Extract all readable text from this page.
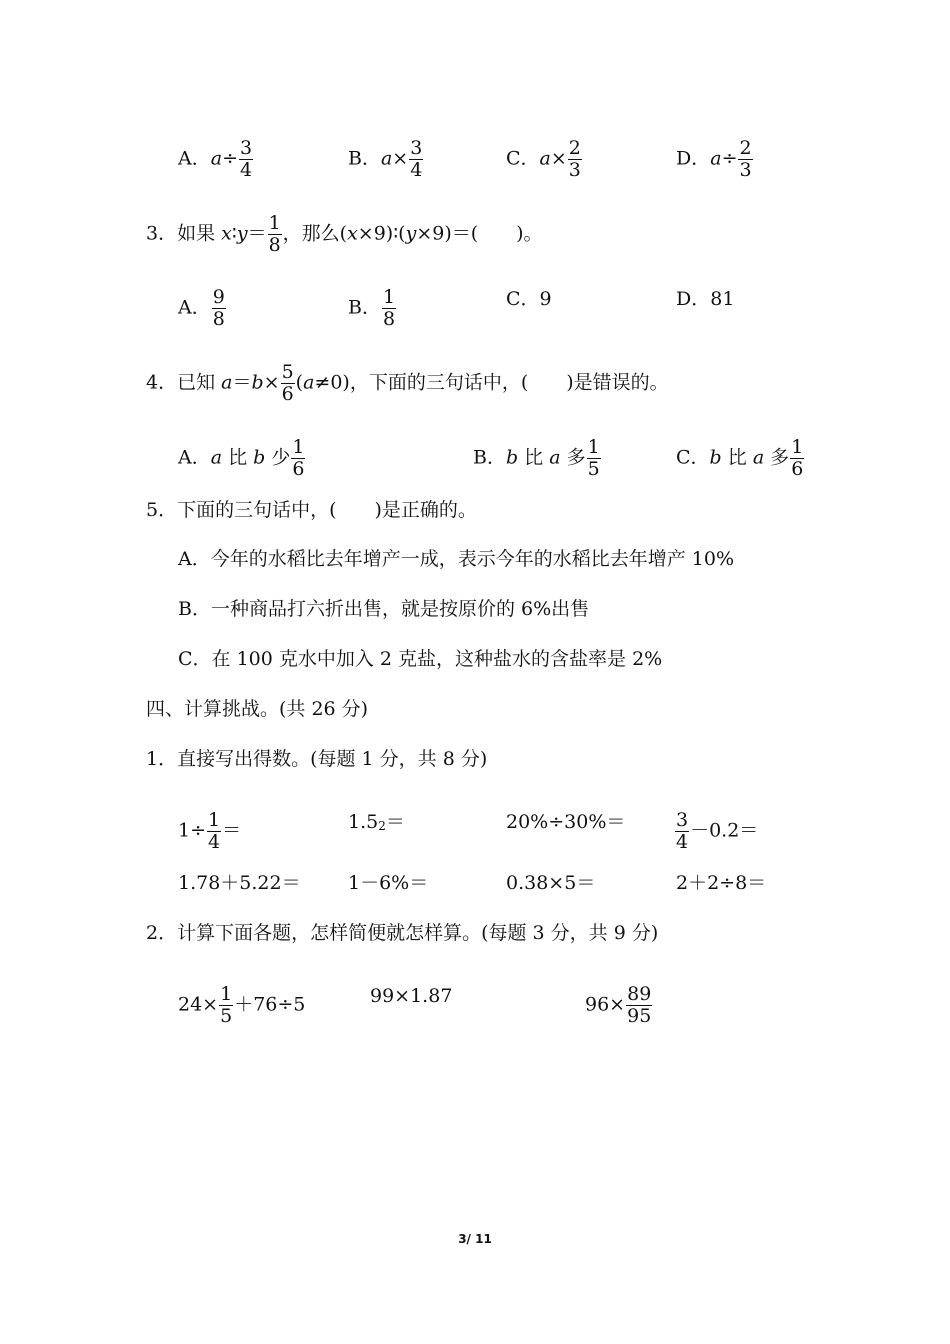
A．$a\div \frac{3}{4}$	B．$a\times \frac{3}{4}$	C．$a\times \frac{2}{3}$	D．$a\div \frac{2}{3}$
3．如果 x∶y＝ $\frac{1}{8}$ ，那么(x×9)∶(y×9)＝(　　)。
A． $\frac{9}{8}$	B． $\frac{1}{8}$	C．9	D．81
4．已知 $a=b\times \frac{5}{6} (a\ne 0)$，下面的三句话中，(　　)是错误的。
A．a 比 b 少 $\frac{1}{6}$	B．b 比 a 多 $\frac{1}{5}$	C．b 比 a 多 $\frac{1}{6}$
5．下面的三句话中，(　　)是正确的。
A．今年的水稻比去年增产一成，表示今年的水稻比去年增产 10%
B．一种商品打六折出售，就是按原价的 6%出售
C．在 100 克水中加入 2 克盐，这种盐水的含盐率是 2%
四、计算挑战。(共 26 分)
1．直接写出得数。(每题 1 分，共 8 分)
$1\div \frac{1}{4}$ ＝	1.52＝	20%÷30%＝	$\frac{3}{4} -0.2=$
1.78＋5.22＝ 1－6%＝	0.38×5＝	2＋2÷8＝
2．计算下面各题，怎样简便就怎样算。(每题 3 分，共 9 分)
$24\times \frac{1}{5} +76\div 5$	99×1.87	$96\times \frac{89}{95}$
3/ 11
